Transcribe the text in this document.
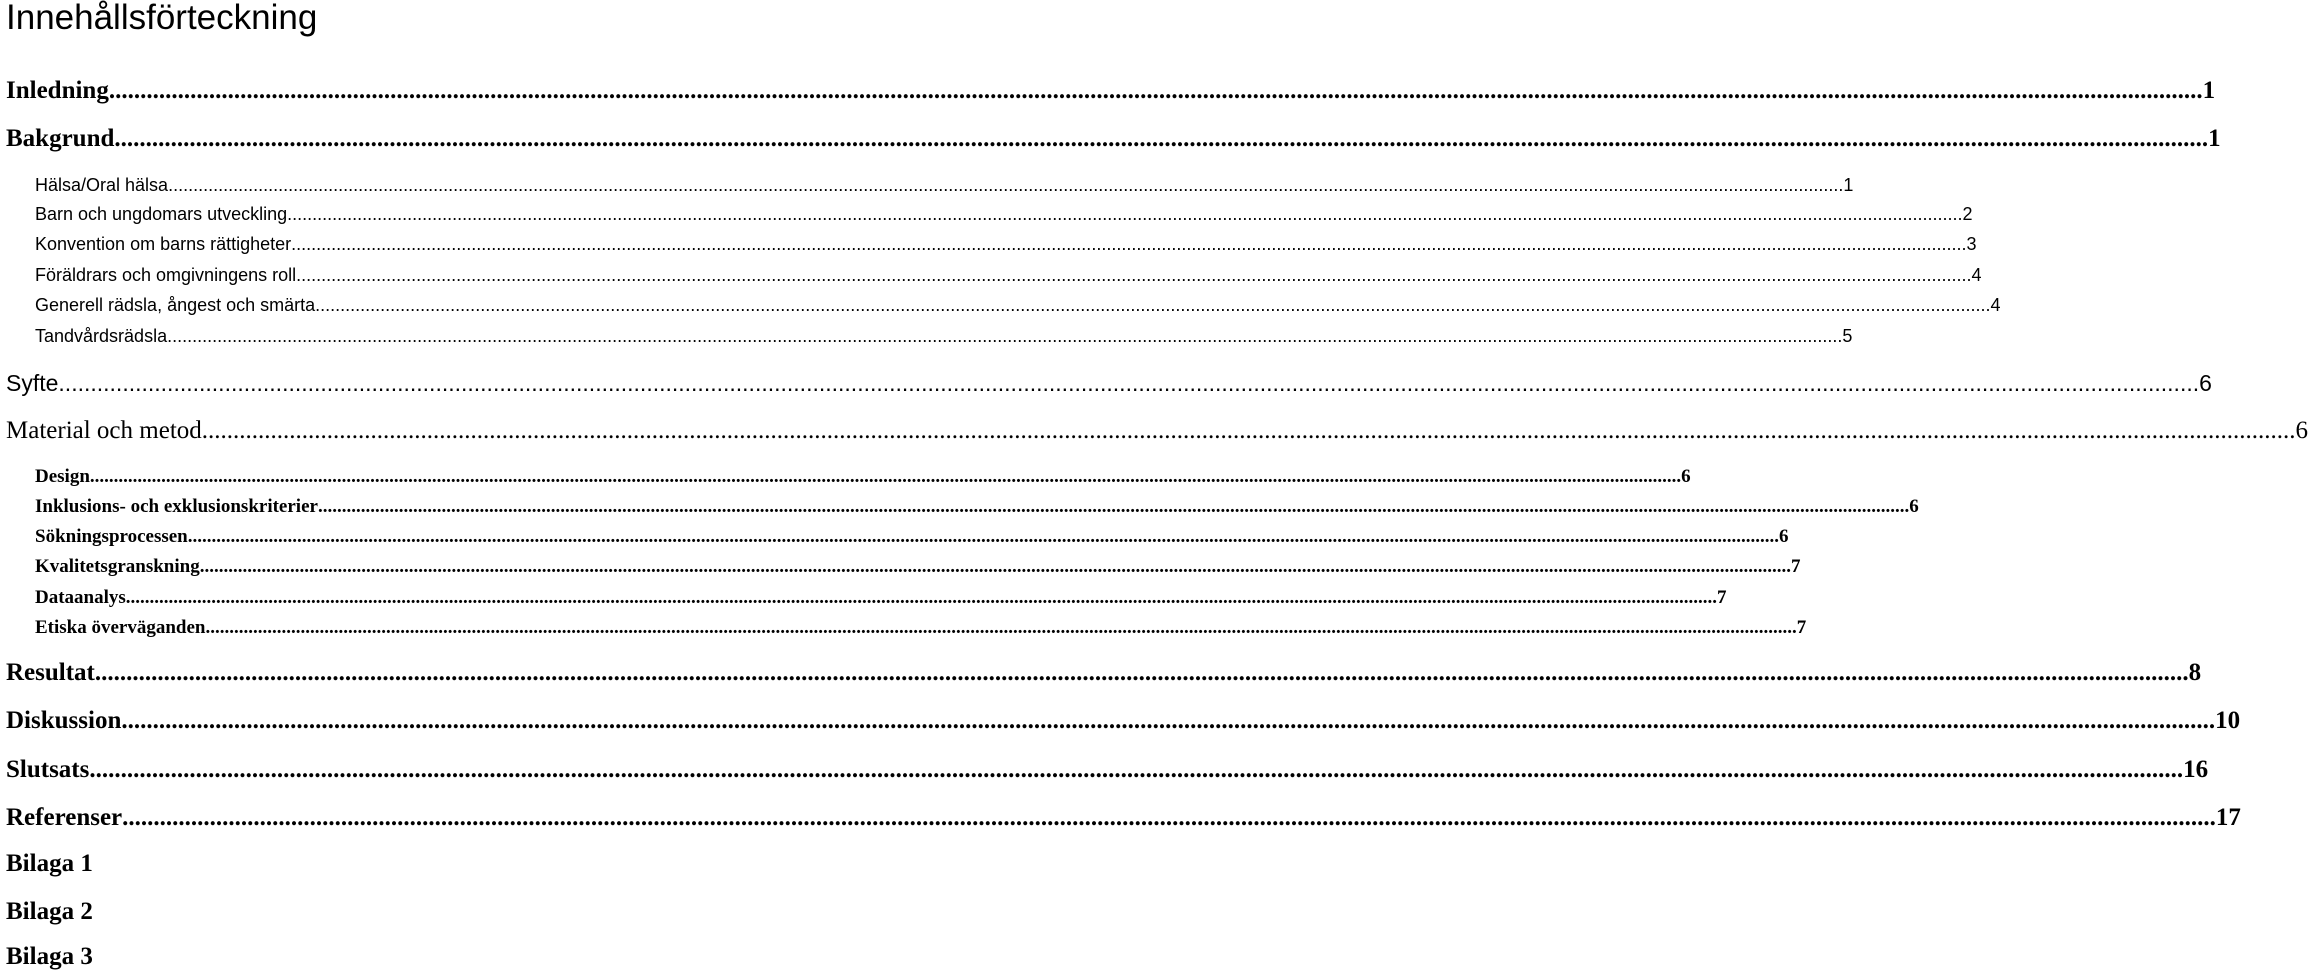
Innehållsförteckning
Inledning .....	1
Bakgrund .....	1
Hälsa/Oral hälsa .....	1
Barn och ungdomars utveckling .....	2
Konvention om barns rättigheter .....	3
Föräldrars och omgivningens roll .....	4
Generell rädsla, ångest och smärta .....	4
Tandvårdsrädsla .....	5
Syfte .....	6
Material och metod .....	6
Design .....	6
Inklusions- och exklusionskriterier .....	6
Sökningsprocessen .....	6
Kvalitetsgranskning .....	7
Dataanalys .....	7
Etiska överväganden .....	7
Resultat .....	8
Diskussion .....	10
Slutsats .....	16
Referenser .....	17
Bilaga 1
Bilaga 2
Bilaga 3
